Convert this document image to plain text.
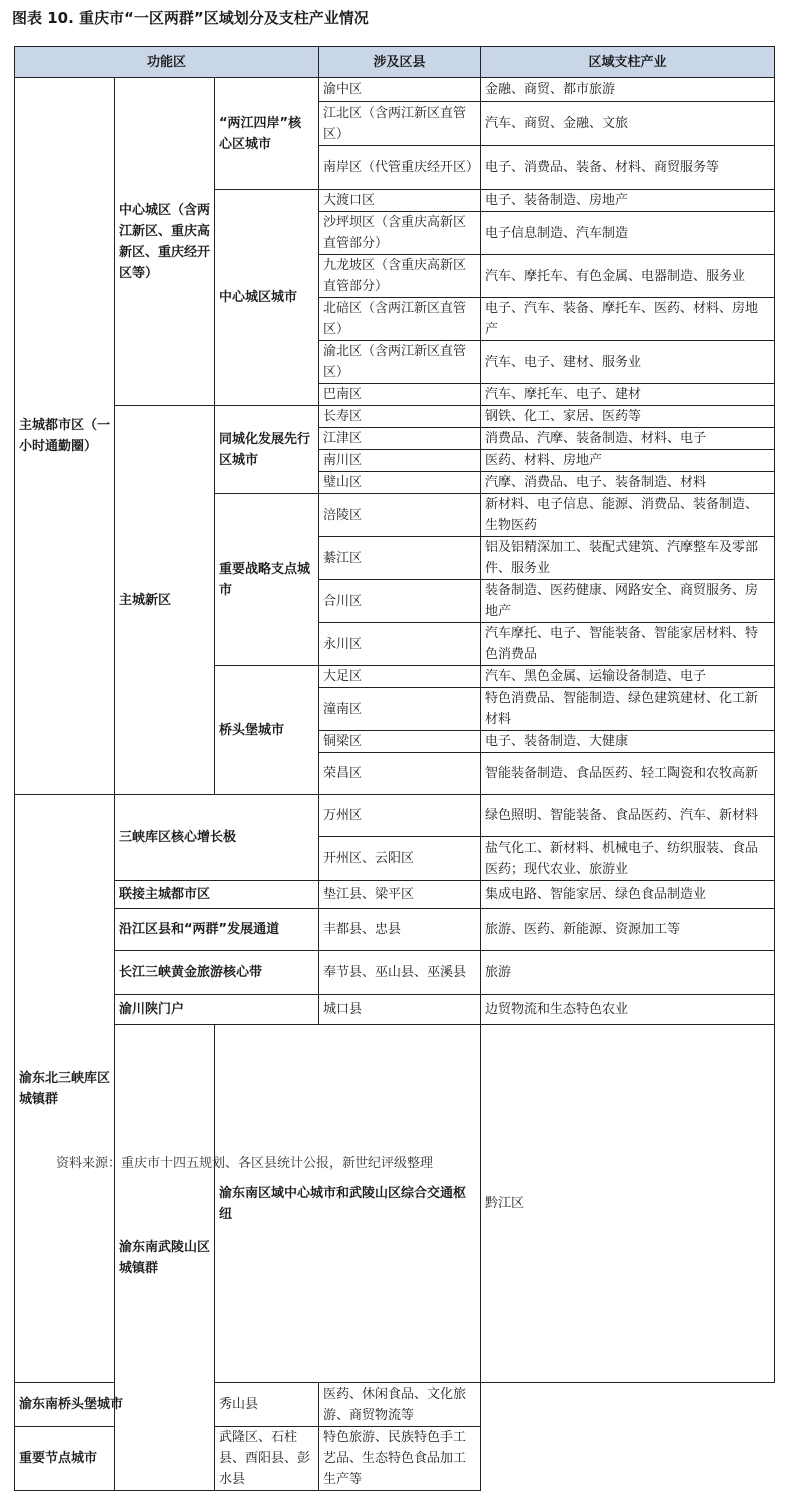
图表 10. 重庆市“一区两群”区域划分及支柱产业情况
功能区			涉及区县	区域支柱产业	
主城都市区（一小时通勤圈）	中心城区（含两江新区、重庆高新区、重庆经开区等）	“两江四岸”核心区城市	渝中区	金融、商贸、都市旅游	
			江北区（含两江新区直管区）	汽车、商贸、金融、文旅	
			南岸区（代管重庆经开区）	电子、消费品、装备、材料、商贸服务等	
		中心城区城市	大渡口区	电子、装备制造、房地产	
			沙坪坝区（含重庆高新区直管部分）	电子信息制造、汽车制造	
			九龙坡区（含重庆高新区直管部分）	汽车、摩托车、有色金属、电器制造、服务业	
			北碚区（含两江新区直管区）	电子、汽车、装备、摩托车、医药、材料、房地产	
			渝北区（含两江新区直管区）	汽车、电子、建材、服务业	
			巴南区	汽车、摩托车、电子、建材	
	主城新区	同城化发展先行区城市	长寿区	钢铁、化工、家居、医药等	
			江津区	消费品、汽摩、装备制造、材料、电子	
			南川区	医药、材料、房地产	
			璧山区	汽摩、消费品、电子、装备制造、材料	
		重要战略支点城市	涪陵区	新材料、电子信息、能源、消费品、装备制造、生物医药	
			綦江区	铝及铝精深加工、装配式建筑、汽摩整车及零部件、服务业	
			合川区	装备制造、医药健康、网路安全、商贸服务、房地产	
			永川区	汽车摩托、电子、智能装备、智能家居材料、特色消费品	
		桥头堡城市	大足区	汽车、黑色金属、运输设备制造、电子	
			潼南区	特色消费品、智能制造、绿色建筑建材、化工新材料	
			铜梁区	电子、装备制造、大健康	
			荣昌区	智能装备制造、食品医药、轻工陶瓷和农牧高新	
渝东北三峡库区城镇群	三峡库区核心增长极		万州区	绿色照明、智能装备、食品医药、汽车、新材料	
			开州区、云阳区	盐气化工、新材料、机械电子、纺织服装、食品医药；现代农业、旅游业	
	联接主城都市区		垫江县、梁平区	集成电路、智能家居、绿色食品制造业	
	沿江区县和“两群”发展通道		丰都县、忠县	旅游、医药、新能源、资源加工等	
	长江三峡黄金旅游核心带		奉节县、巫山县、巫溪县	旅游	
	渝川陕门户		城口县	边贸物流和生态特色农业	
	渝东南武陵山区城镇群	渝东南区域中心城市和武陵山区综合交通枢纽		黔江区	
渝东南桥头堡城市		秀山县	医药、休闲食品、文化旅游、商贸物流等		
重要节点城市		武隆区、石柱县、酉阳县、彭水县	特色旅游、民族特色手工艺品、生态特色食品加工生产等		
资料来源：重庆市十四五规划、各区县统计公报，新世纪评级整理
